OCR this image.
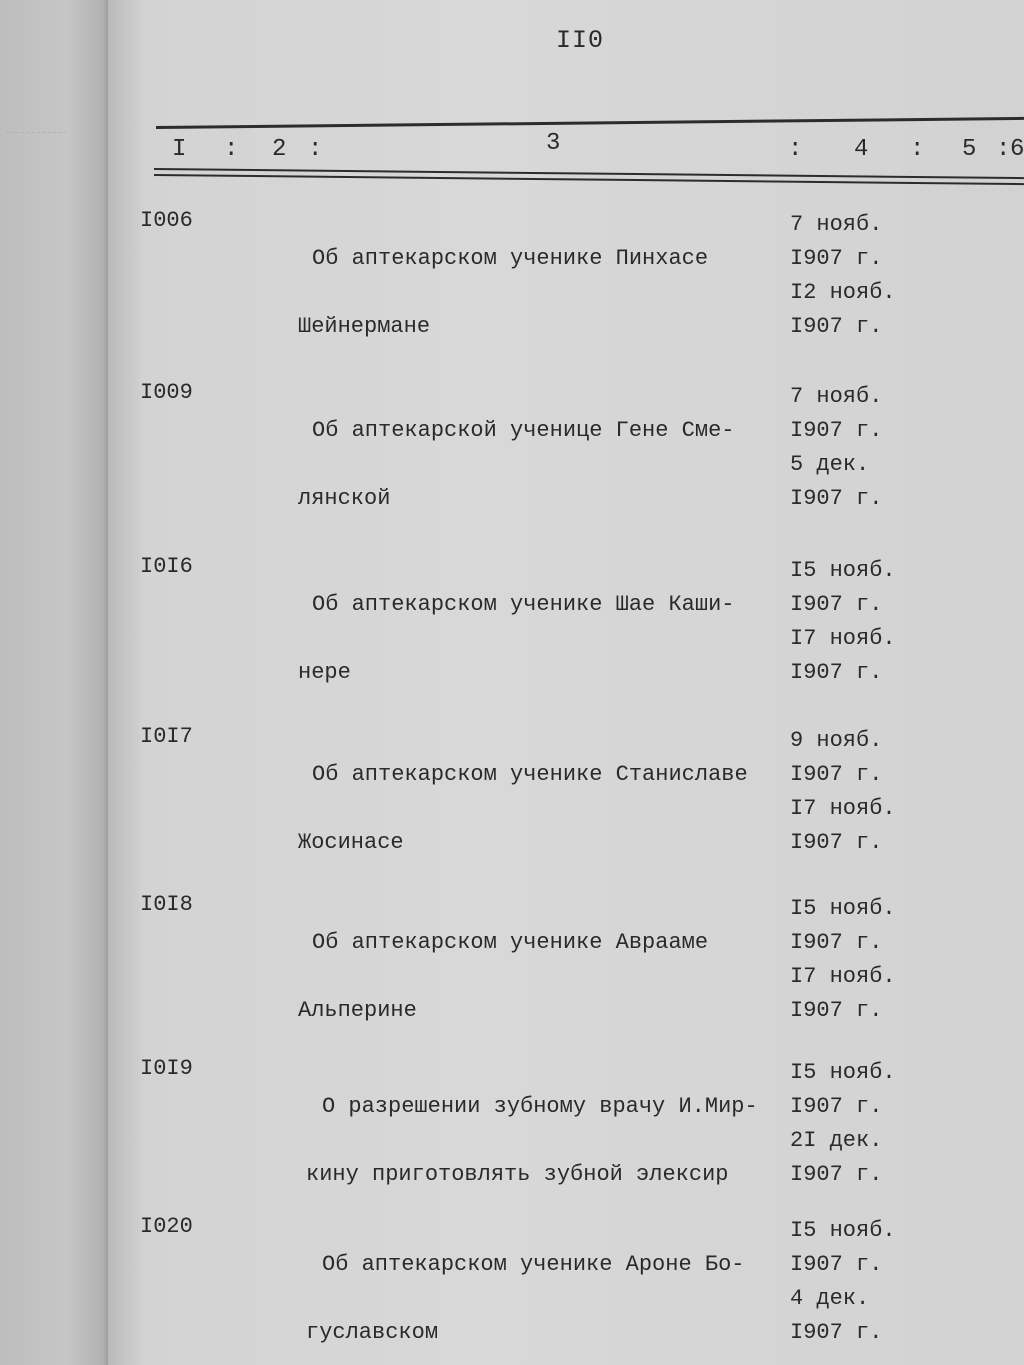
II0
I : 2 :	3	: 4 : 5 : 6
I006

Об аптекарском ученике Пинхасе

Шейнермане

7 нояб.
I907 г.
I2 нояб.
I907 г.
I009

Об аптекарской ученице Гене Сме-

лянской

7 нояб.
I907 г.
5 дек.
I907 г.
I0I6

Об аптекарском ученике Шае Каши-

нере

I5 нояб.
I907 г.
I7 нояб.
I907 г.
I0I7

Об аптекарском ученике Станиславе

Жосинасе

9 нояб.
I907 г.
I7 нояб.
I907 г.
I0I8

Об аптекарском ученике Аврааме

Альперине

I5 нояб.
I907 г.
I7 нояб.
I907 г.
I0I9

О разрешении зубному врачу И.Мир-

кину приготовлять зубной элексир

I5 нояб.
I907 г.
2I дек.
I907 г.
I020

Об аптекарском ученике Ароне Бо-

гуславском

I5 нояб.
I907 г.
4 дек.
I907 г.
